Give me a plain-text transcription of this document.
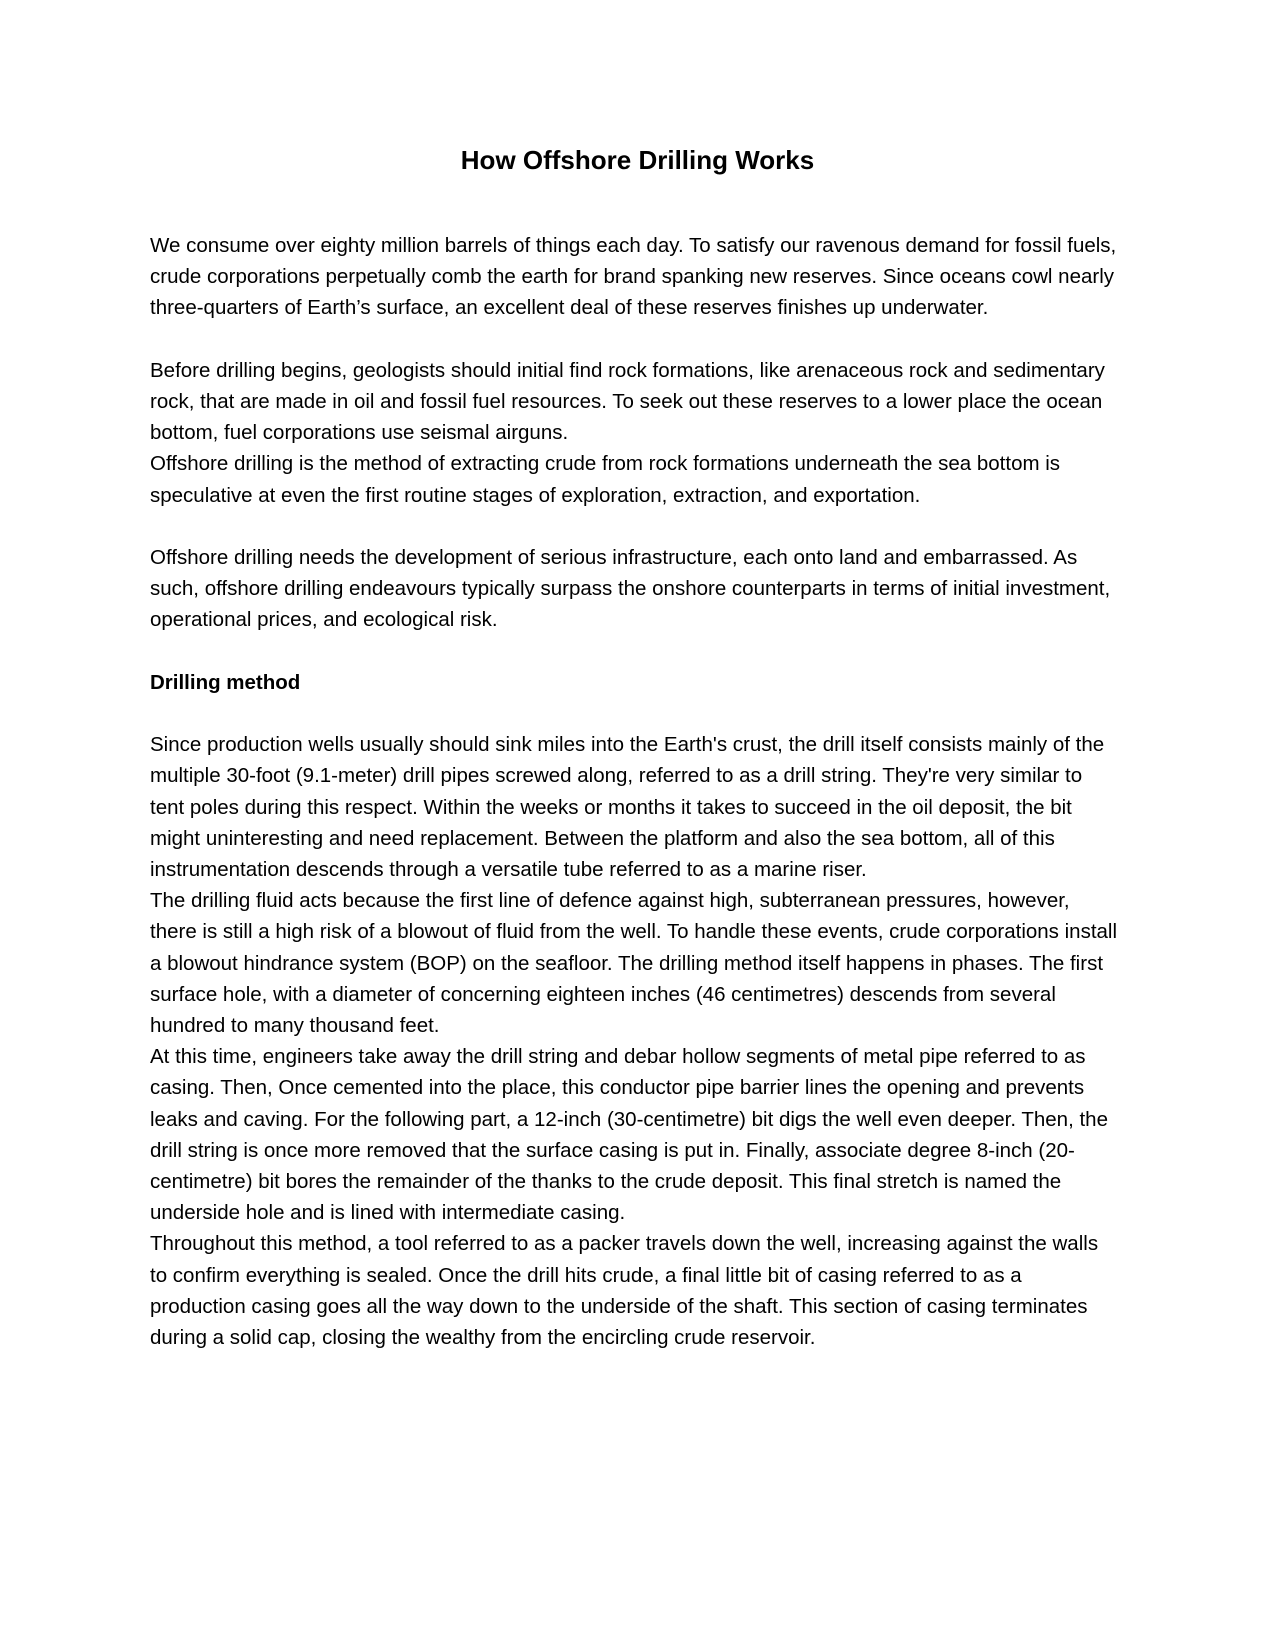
How Offshore Drilling Works

We consume over eighty million barrels of things each day. To satisfy our ravenous demand for fossil fuels, crude corporations perpetually comb the earth for brand spanking new reserves. Since oceans cowl nearly three-quarters of Earth’s surface, an excellent deal of these reserves finishes up underwater.

Before drilling begins, geologists should initial find rock formations, like arenaceous rock and sedimentary rock, that are made in oil and fossil fuel resources. To seek out these reserves to a lower place the ocean bottom, fuel corporations use seismal airguns.

Offshore drilling is the method of extracting crude from rock formations underneath the sea bottom is speculative at even the first routine stages of exploration, extraction, and exportation.

Offshore drilling needs the development of serious infrastructure, each onto land and embarrassed. As such, offshore drilling endeavours typically surpass the onshore counterparts in terms of initial investment, operational prices, and ecological risk.

Drilling method

Since production wells usually should sink miles into the Earth's crust, the drill itself consists mainly of the multiple 30-foot (9.1-meter) drill pipes screwed along, referred to as a drill string. They're very similar to tent poles during this respect. Within the weeks or months it takes to succeed in the oil deposit, the bit might uninteresting and need replacement. Between the platform and also the sea bottom, all of this instrumentation descends through a versatile tube referred to as a marine riser.

The drilling fluid acts because the first line of defence against high, subterranean pressures, however, there is still a high risk of a blowout of fluid from the well. To handle these events, crude corporations install a blowout hindrance system (BOP) on the seafloor. The drilling method itself happens in phases. The first surface hole, with a diameter of concerning eighteen inches (46 centimetres) descends from several hundred to many thousand feet.

At this time, engineers take away the drill string and debar hollow segments of metal pipe referred to as casing. Then, Once cemented into the place, this conductor pipe barrier lines the opening and prevents leaks and caving. For the following part, a 12-inch (30-centimetre) bit digs the well even deeper. Then, the drill string is once more removed that the surface casing is put in. Finally, associate degree 8-inch (20-centimetre) bit bores the remainder of the thanks to the crude deposit. This final stretch is named the underside hole and is lined with intermediate casing.

Throughout this method, a tool referred to as a packer travels down the well, increasing against the walls to confirm everything is sealed. Once the drill hits crude, a final little bit of casing referred to as a production casing goes all the way down to the underside of the shaft. This section of casing terminates during a solid cap, closing the wealthy from the encircling crude reservoir.
